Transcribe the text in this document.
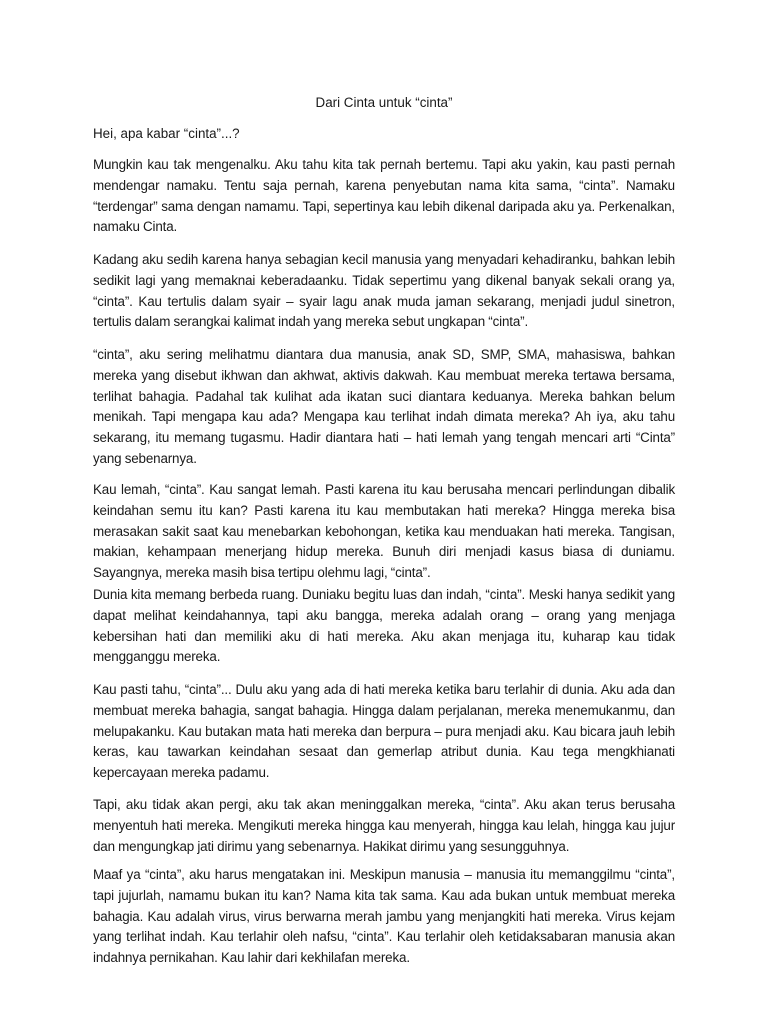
Dari Cinta untuk “cinta”
Hei, apa kabar “cinta”...?

Mungkin kau tak mengenalku. Aku tahu kita tak pernah bertemu. Tapi aku yakin, kau pasti pernah mendengar namaku. Tentu saja pernah, karena penyebutan nama kita sama, “cinta”. Namaku “terdengar” sama dengan namamu. Tapi, sepertinya kau lebih dikenal daripada aku ya. Perkenalkan, namaku Cinta.

Kadang aku sedih karena hanya sebagian kecil manusia yang menyadari kehadiranku, bahkan lebih sedikit lagi yang memaknai keberadaanku. Tidak sepertimu yang dikenal banyak sekali orang ya, “cinta”. Kau tertulis dalam syair – syair lagu anak muda jaman sekarang, menjadi judul sinetron, tertulis dalam serangkai kalimat indah yang mereka sebut ungkapan “cinta”.

“cinta”, aku sering melihatmu diantara dua manusia, anak SD, SMP, SMA, mahasiswa, bahkan mereka yang disebut ikhwan dan akhwat, aktivis dakwah. Kau membuat mereka tertawa bersama, terlihat bahagia. Padahal tak kulihat ada ikatan suci diantara keduanya. Mereka bahkan belum menikah. Tapi mengapa kau ada? Mengapa kau terlihat indah dimata mereka? Ah iya, aku tahu sekarang, itu memang tugasmu. Hadir diantara hati – hati lemah yang tengah mencari arti “Cinta” yang sebenarnya.

Kau lemah, “cinta”. Kau sangat lemah. Pasti karena itu kau berusaha mencari perlindungan dibalik keindahan semu itu kan? Pasti karena itu kau membutakan hati mereka? Hingga mereka bisa merasakan sakit saat kau menebarkan kebohongan, ketika kau menduakan hati mereka. Tangisan, makian, kehampaan menerjang hidup mereka. Bunuh diri menjadi kasus biasa di duniamu. Sayangnya, mereka masih bisa tertipu olehmu lagi, “cinta”.

Dunia kita memang berbeda ruang. Duniaku begitu luas dan indah, “cinta”. Meski hanya sedikit yang dapat melihat keindahannya, tapi aku bangga, mereka adalah orang – orang yang menjaga kebersihan hati dan memiliki aku di hati mereka. Aku akan menjaga itu, kuharap kau tidak mengganggu mereka.

Kau pasti tahu, “cinta”... Dulu aku yang ada di hati mereka ketika baru terlahir di dunia. Aku ada dan membuat mereka bahagia, sangat bahagia. Hingga dalam perjalanan, mereka menemukanmu, dan melupakanku. Kau butakan mata hati mereka dan berpura – pura menjadi aku. Kau bicara jauh lebih keras, kau tawarkan keindahan sesaat dan gemerlap atribut dunia. Kau tega mengkhianati kepercayaan mereka padamu.

Tapi, aku tidak akan pergi, aku tak akan meninggalkan mereka, “cinta”. Aku akan terus berusaha menyentuh hati mereka. Mengikuti mereka hingga kau menyerah, hingga kau lelah, hingga kau jujur dan mengungkap jati dirimu yang sebenarnya. Hakikat dirimu yang sesungguhnya.

Maaf ya “cinta”, aku harus mengatakan ini. Meskipun manusia – manusia itu memanggilmu “cinta”, tapi jujurlah, namamu bukan itu kan? Nama kita tak sama. Kau ada bukan untuk membuat mereka bahagia. Kau adalah virus, virus berwarna merah jambu yang menjangkiti hati mereka. Virus kejam yang terlihat indah. Kau terlahir oleh nafsu, “cinta”. Kau terlahir oleh ketidaksabaran manusia akan indahnya pernikahan. Kau lahir dari kekhilafan mereka.
